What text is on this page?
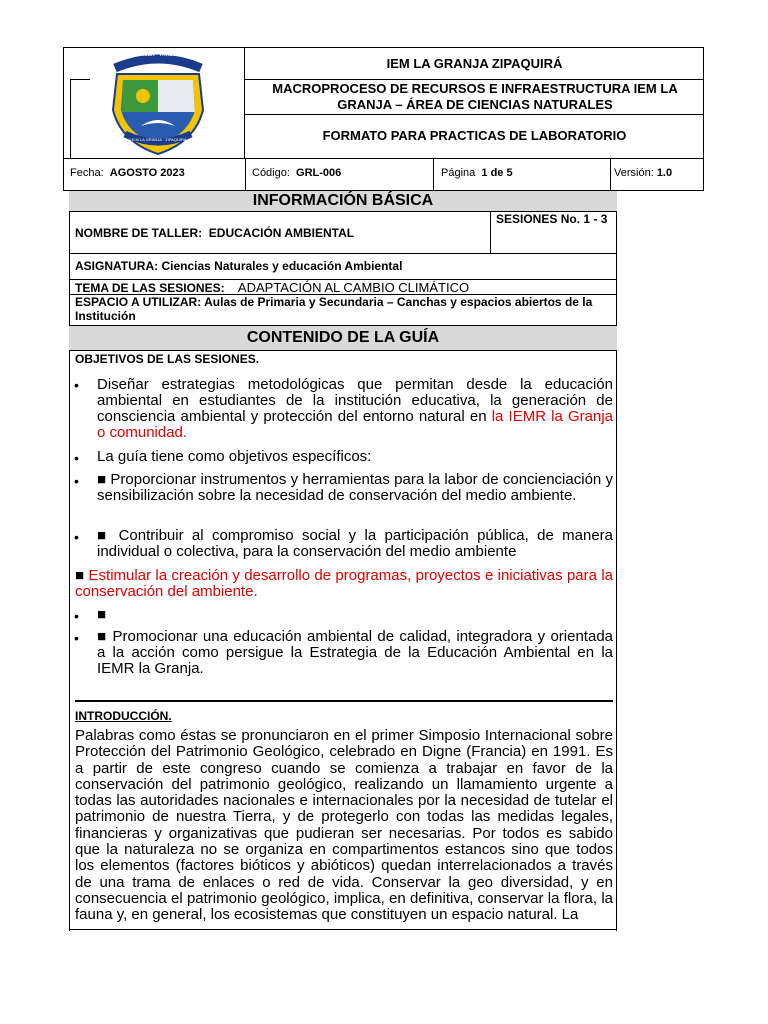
SER · HACER · TRASCENDER
I.E.M LA GRANJA · ZIPAQUIRÁ
IEM LA GRANJA ZIPAQUIRÁ
MACROPROCESO DE RECURSOS E INFRAESTRUCTURA IEM LA GRANJA – ÁREA DE CIENCIAS NATURALES
FORMATO PARA PRACTICAS DE LABORATORIO
Fecha: AGOSTO 2023	Código: GRL-006	Página 1 de 5	Versión: 1.0
INFORMACIÓN BÁSICA
NOMBRE DE TALLER: EDUCACIÓN AMBIENTAL
SESIONES No. 1 - 3
ASIGNATURA: Ciencias Naturales y educación Ambiental
TEMA DE LAS SESIONES: ADAPTACIÓN AL CAMBIO CLIMÁTICO
ESPACIO A UTILIZAR: Aulas de Primaria y Secundaria – Canchas y espacios abiertos de la Institución
CONTENIDO DE LA GUÍA
OBJETIVOS DE LAS SESIONES.
• Diseñar estrategias metodológicas que permitan desde la educación ambiental en estudiantes de la institución educativa, la generación de consciencia ambiental y protección del entorno natural en la IEMR la Granja o comunidad.
• La guía tiene como objetivos específicos:
• ■ Proporcionar instrumentos y herramientas para la labor de concienciación y sensibilización sobre la necesidad de conservación del medio ambiente.
• ■ Contribuir al compromiso social y la participación pública, de manera individual o colectiva, para la conservación del medio ambiente
■ Estimular la creación y desarrollo de programas, proyectos e iniciativas para la conservación del ambiente.
• ■
• ■ Promocionar una educación ambiental de calidad, integradora y orientada a la acción como persigue la Estrategia de la Educación Ambiental en la IEMR la Granja.
INTRODUCCIÓN.

Palabras como éstas se pronunciaron en el primer Simposio Internacional sobre Protección del Patrimonio Geológico, celebrado en Digne (Francia) en 1991. Es a partir de este congreso cuando se comienza a trabajar en favor de la conservación del patrimonio geológico, realizando un llamamiento urgente a todas las autoridades nacionales e internacionales por la necesidad de tutelar el patrimonio de nuestra Tierra, y de protegerlo con todas las medidas legales, financieras y organizativas que pudieran ser necesarias. Por todos es sabido que la naturaleza no se organiza en compartimentos estancos sino que todos los elementos (factores bióticos y abióticos) quedan interrelacionados a través de una trama de enlaces o red de vida. Conservar la geo diversidad, y en consecuencia el patrimonio geológico, implica, en definitiva, conservar la flora, la fauna y, en general, los ecosistemas que constituyen un espacio natural. La
